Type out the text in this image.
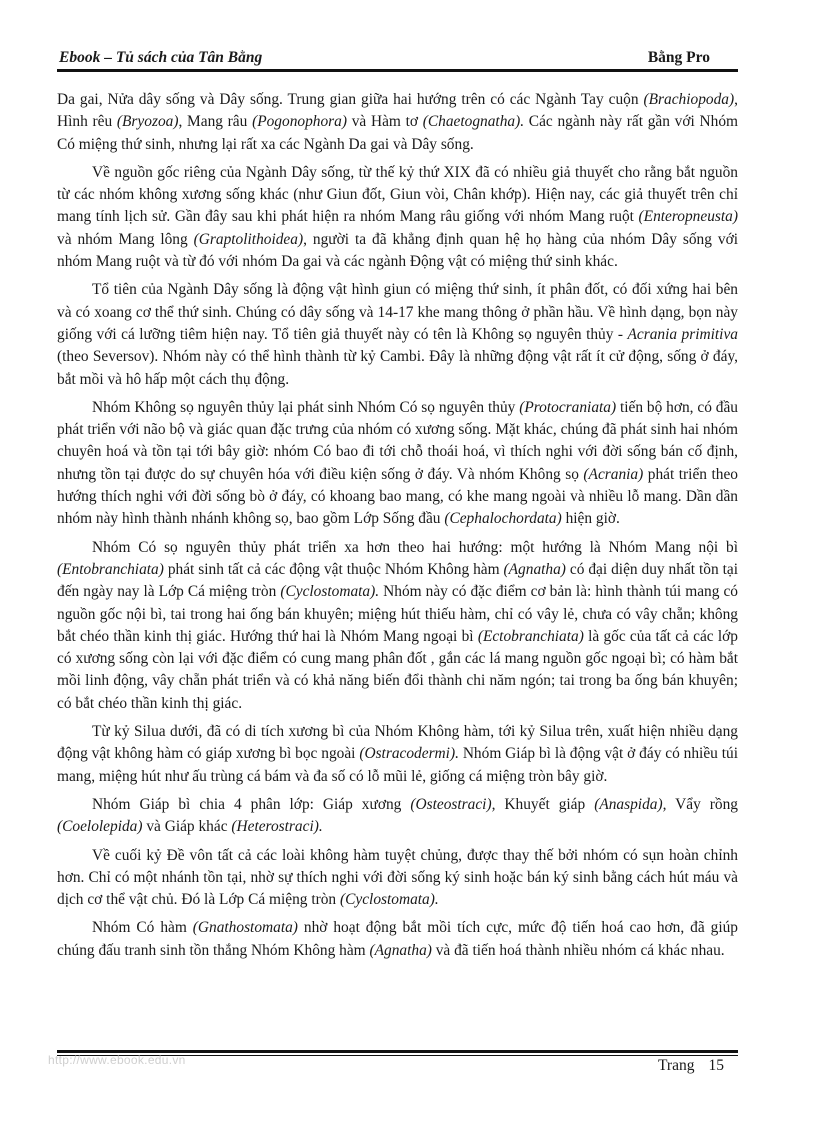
Ebook – Tủ sách của Tân Bằng	Bằng Pro

Da gai, Nửa dây sống và Dây sống. Trung gian giữa hai hướng trên có các Ngành Tay cuộn (Brachiopoda), Hình rêu (Bryozoa), Mang râu (Pogonophora) và Hàm tơ (Chaetognatha). Các ngành này rất gần với Nhóm Có miệng thứ sinh, nhưng lại rất xa các Ngành Da gai và Dây sống.

Về nguồn gốc riêng của Ngành Dây sống, từ thế kỷ thứ XIX đã có nhiều giả thuyết cho rằng bắt nguồn từ các nhóm không xương sống khác (như Giun đốt, Giun vòi, Chân khớp). Hiện nay, các giả thuyết trên chỉ mang tính lịch sử. Gần đây sau khi phát hiện ra nhóm Mang râu giống với nhóm Mang ruột (Enteropneusta) và nhóm Mang lông (Graptolithoidea), người ta đã khẳng định quan hệ họ hàng của nhóm Dây sống với nhóm Mang ruột và từ đó với nhóm Da gai và các ngành Động vật có miệng thứ sinh khác.

Tổ tiên của Ngành Dây sống là động vật hình giun có miệng thứ sinh, ít phân đốt, có đối xứng hai bên và có xoang cơ thể thứ sinh. Chúng có dây sống và 14-17 khe mang thông ở phần hầu. Về hình dạng, bọn này giống với cá lưỡng tiêm hiện nay. Tổ tiên giả thuyết này có tên là Không sọ nguyên thủy - Acrania primitiva (theo Seversov). Nhóm này có thể hình thành từ kỷ Cambi. Đây là những động vật rất ít cử động, sống ở đáy, bắt mồi và hô hấp một cách thụ động.

Nhóm Không sọ nguyên thủy lại phát sinh Nhóm Có sọ nguyên thủy (Protocraniata) tiến bộ hơn, có đầu phát triển với não bộ và giác quan đặc trưng của nhóm có xương sống. Mặt khác, chúng đã phát sinh hai nhóm chuyên hoá và tồn tại tới bây giờ: nhóm Có bao đi tới chỗ thoái hoá, vì thích nghi với đời sống bán cố định, nhưng tồn tại được do sự chuyên hóa với điều kiện sống ở đáy. Và nhóm Không sọ (Acrania) phát triển theo hướng thích nghi với đời sống bò ở đáy, có khoang bao mang, có khe mang ngoài và nhiều lỗ mang. Dần dần nhóm này hình thành nhánh không sọ, bao gồm Lớp Sống đầu (Cephalochordata) hiện giờ.

Nhóm Có sọ nguyên thủy phát triển xa hơn theo hai hướng: một hướng là Nhóm Mang nội bì (Entobranchiata) phát sinh tất cả các động vật thuộc Nhóm Không hàm (Agnatha) có đại diện duy nhất tồn tại đến ngày nay là Lớp Cá miệng tròn (Cyclostomata). Nhóm này có đặc điểm cơ bản là: hình thành túi mang có nguồn gốc nội bì, tai trong hai ống bán khuyên; miệng hút thiếu hàm, chỉ có vây lẻ, chưa có vây chẵn; không bắt chéo thần kinh thị giác. Hướng thứ hai là Nhóm Mang ngoại bì (Ectobranchiata) là gốc của tất cả các lớp có xương sống còn lại với đặc điểm có cung mang phân đốt , gắn các lá mang nguồn gốc ngoại bì; có hàm bắt mồi linh động, vây chẵn phát triển và có khả năng biến đổi thành chi năm ngón; tai trong ba ống bán khuyên; có bắt chéo thần kinh thị giác.

Từ kỷ Silua dưới, đã có di tích xương bì của Nhóm Không hàm, tới kỷ Silua trên, xuất hiện nhiều dạng động vật không hàm có giáp xương bì bọc ngoài (Ostracodermi). Nhóm Giáp bì là động vật ở đáy có nhiều túi mang, miệng hút như ấu trùng cá bám và đa số có lỗ mũi lẻ, giống cá miệng tròn bây giờ.

Nhóm Giáp bì chia 4 phân lớp: Giáp xương (Osteostraci), Khuyết giáp (Anaspida), Vẩy rồng (Coelolepida) và Giáp khác (Heterostraci).

Về cuối kỷ Đề vôn tất cả các loài không hàm tuyệt chủng, được thay thế bởi nhóm có sụn hoàn chỉnh hơn. Chỉ có một nhánh tồn tại, nhờ sự thích nghi với đời sống ký sinh hoặc bán ký sinh bằng cách hút máu và dịch cơ thể vật chủ. Đó là Lớp Cá miệng tròn (Cyclostomata).

Nhóm Có hàm (Gnathostomata) nhờ hoạt động bắt mồi tích cực, mức độ tiến hoá cao hơn, đã giúp chúng đấu tranh sinh tồn thắng Nhóm Không hàm (Agnatha) và đã tiến hoá thành nhiều nhóm cá khác nhau.

http://www.ebook.edu.vn	Trang 15
